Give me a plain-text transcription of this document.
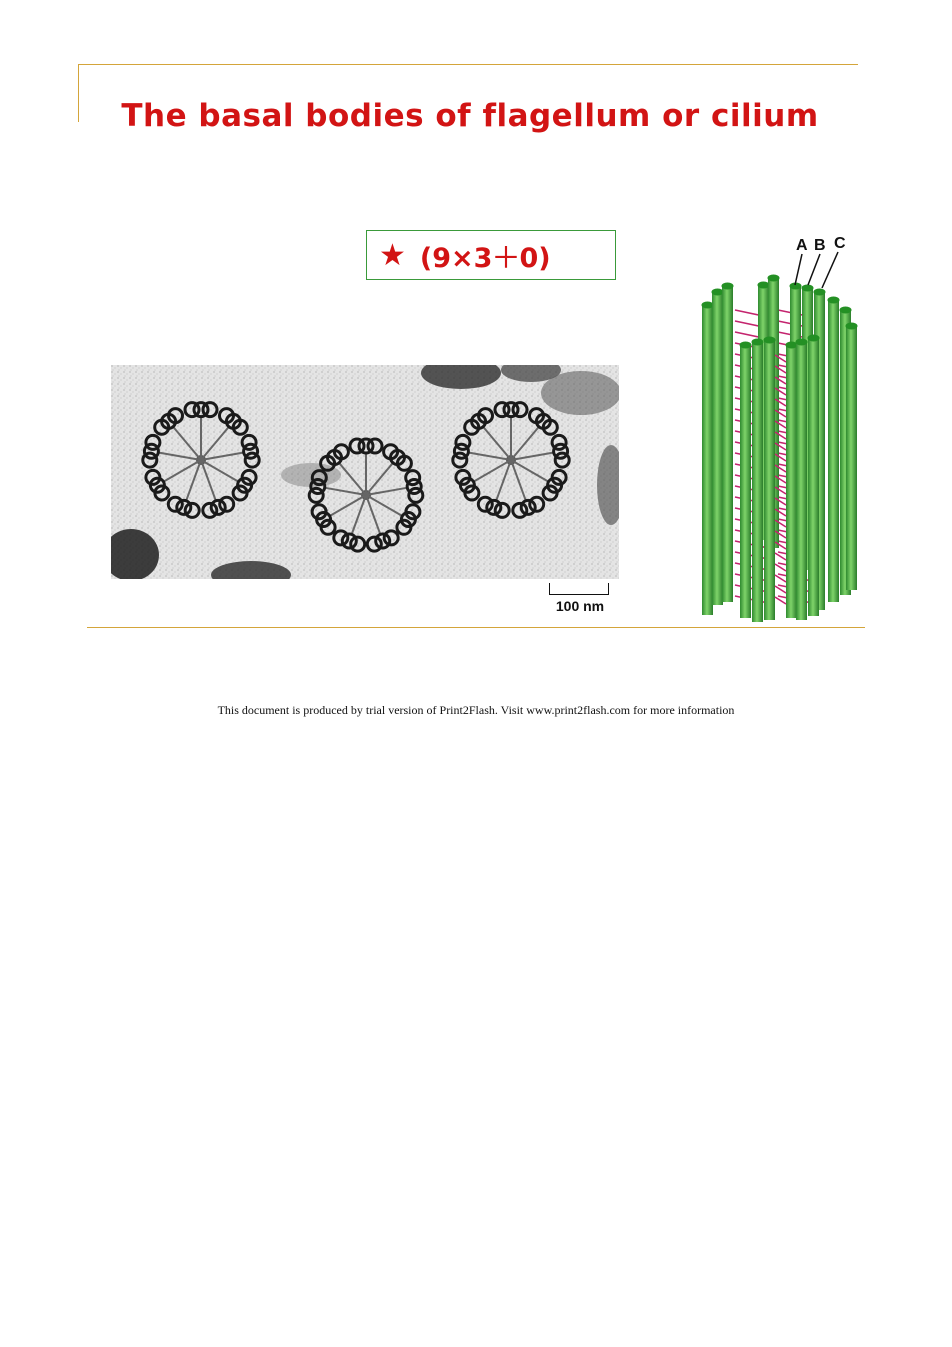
The basal bodies of flagellum or cilium
★ (9×3＋0)
100 nm
A B C
This document is produced by trial version of Print2Flash. Visit www.print2flash.com for more information
